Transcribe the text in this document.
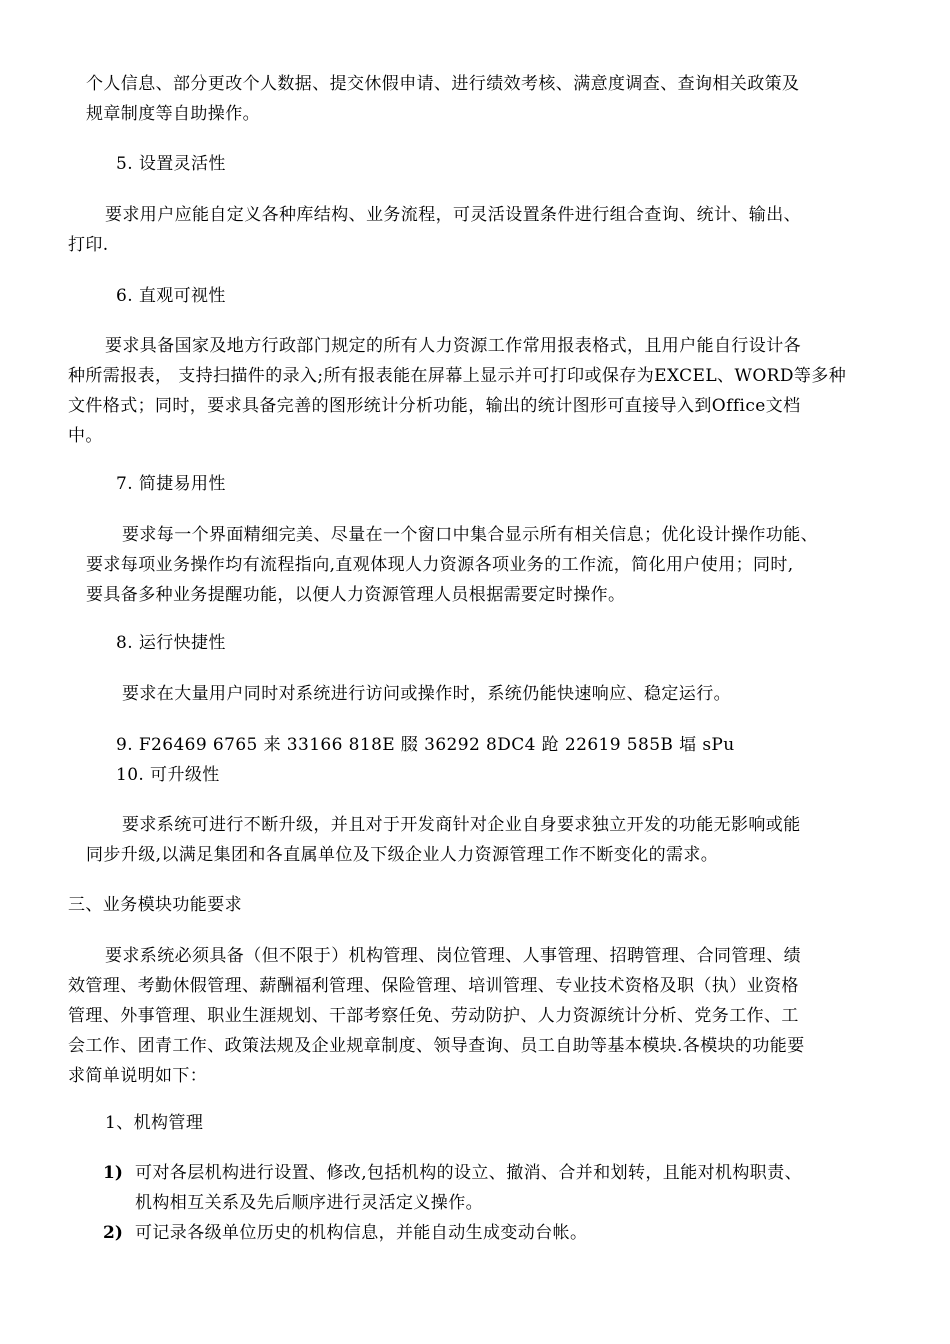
个人信息、部分更改个人数据、提交休假申请、进行绩效考核、满意度调查、查询相关政策及
规章制度等自助操作。
5. 设置灵活性
要求用户应能自定义各种库结构、业务流程，可灵活设置条件进行组合查询、统计、输出、
打印.
6. 直观可视性
要求具备国家及地方行政部门规定的所有人力资源工作常用报表格式，且用户能自行设计各
种所需报表， 支持扫描件的录入;所有报表能在屏幕上显示并可打印或保存为EXCEL、WORD等多种
文件格式；同时，要求具备完善的图形统计分析功能，输出的统计图形可直接导入到Office文档
中。
7. 简捷易用性
要求每一个界面精细完美、尽量在一个窗口中集合显示所有相关信息；优化设计操作功能、
要求每项业务操作均有流程指向,直观体现人力资源各项业务的工作流，简化用户使用；同时,
要具备多种业务提醒功能，以便人力资源管理人员根据需要定时操作。
8. 运行快捷性
要求在大量用户同时对系统进行访问或操作时，系统仍能快速响应、稳定运行。
9. F26469 6765 来 33166 818E 腏 36292 8DC4 跄 22619 585B 堛 sPu
10. 可升级性
要求系统可进行不断升级，并且对于开发商针对企业自身要求独立开发的功能无影响或能
同步升级,以满足集团和各直属单位及下级企业人力资源管理工作不断变化的需求。
三、业务模块功能要求
要求系统必须具备（但不限于）机构管理、岗位管理、人事管理、招聘管理、合同管理、绩
效管理、考勤休假管理、薪酬福利管理、保险管理、培训管理、专业技术资格及职（执）业资格
管理、外事管理、职业生涯规划、干部考察任免、劳动防护、人力资源统计分析、党务工作、工
会工作、团青工作、政策法规及企业规章制度、领导查询、员工自助等基本模块.各模块的功能要
求简单说明如下：
1、机构管理
1) 可对各层机构进行设置、修改,包括机构的设立、撤消、合并和划转，且能对机构职责、
机构相互关系及先后顺序进行灵活定义操作。
2) 可记录各级单位历史的机构信息，并能自动生成变动台帐。
